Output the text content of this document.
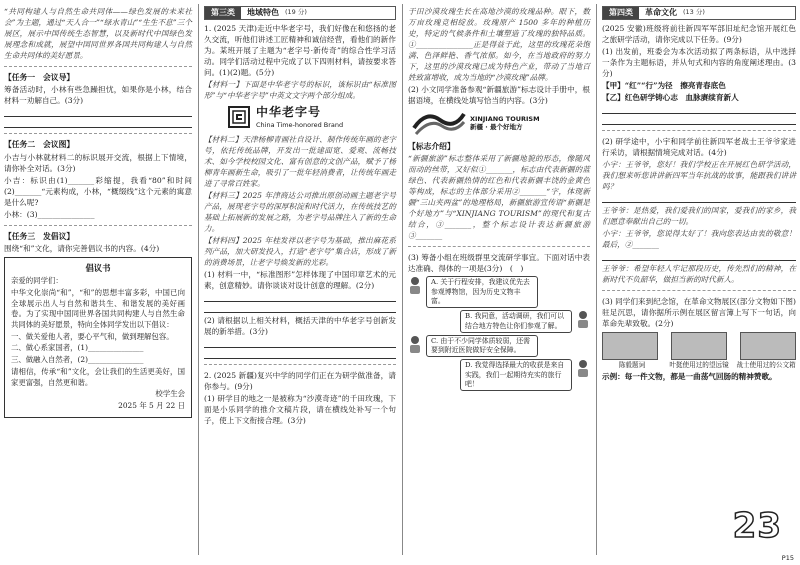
“共同构建人与自然生命共同体——绿色发展的未来社会”为主题，通过“天人合一”“绿水青山”“生生不息”三个展区，展示中国传统生态智慧，以及新时代中国绿色发展理念和成就，展望中国同世界各国共同构建人与自然生命共同体的美好愿景。

【任务一　会议导】

筹备活动时，小林有些急躁担忧，如果你是小林，结合材料一劝解自己。(3分)

【任务二　会议图】

小吉与小林就材料二的标识展开交流，根据上下情境，请你补全对话。(3分)

小吉：标识由(1)_______彩缩提，我看“80”和时间(2)_______“元素构成，小林，“概缀线”这个元素的寓意是什么呢?

小林：(3)_______________

【任务三　发倡议】

围绕“和”文化，请你完善倡议书的内容。(4分)

倡议书

亲爱的同学们：

中华文化崇尚“和”，“和”的思想丰富多彩，中国已向全球展示出人与自然和谐共生、和谐发展的美好画卷。为了实现中国同世界各国共同构建人与自然生命共同体的美好愿景，特向全体同学发出以下倡议：

一、做关爱他人者，要心平气和，做到理解包容。

二、做心系家国者，(1)_______________

三、做融入自然者，(2)_______________

请相信，传承“和”文化，会让我们的生活更美好，国家更富强，自然更和谐。

校学生会

2025 年 5 月 22 日

第三类	地域特色 (19 分)

1. (2025 天津)走近中华老字号，我们好像在和悠扬的老久交流，听他们讲述工匠精神和诚信经营，看他们的新作为。某班开展了主题为“老字号·新传奇”的综合性学习活动。同学们活动过程中完成了以下四则材料，请按要求答问。(1)(2)题。(5分)

【材料一】下面是中华老字号的标识，该标识由“标准图形”与“中华老字号”中英文文字两个部分组成。

中华老字号
China Time-honored Brand

【材料二】天津杨柳青画社自设计、制作传统年画的老字号，依托传统品牌，开发出一批建面宽、爱观、流畅技术、如今学校校园文化、富有创意的文创产品，赋予了杨柳青年画新生命，吸引了一批年轻消费者，让传统年画走进了寻常百姓家。

【材料三】2025 年津商达公司推出原创动画主题老字号产品，展现老字号的深厚积淀和时代活力，在传统技艺的基础上拓展新的发展之路，为老字号品牌注入了新的生命力。

【材料四】2025 年桂发祥以老字号为基础，推出麻花系列产品，加大研发投入，打造“老字号”集合店，形成了新的消费场景，让老字号焕发新的光彩。

(1) 材料一中，“标准图形”怎样体现了中国印章艺术的元素，创意精妙。请你谈谈对设计创意的理解。(2分)

(2) 请根据以上相关材料，概括天津的中华老字号创新发展的新举措。(3分)

2. (2025 新疆)复兴中学的同学们正在为研学做准备，请你参与。(9分)

(1) 研学目的地之一是被称为“沙漠奇迹”的千田玫瑰，下面是小乐同学的推介文稿片段，请在横线处补写一个句子，使上下文衔接合理。(3分)

于田沙漠玫瑰生长在高地沙漠的玫瑰品种。眼下，数万亩玫瑰竞相绽放。玫瑰原产 1500 多年的种植历史，特定的气候条件和土壤塑造了玫瑰的独特品质。①_______________正是得益于此，这里的玫瑰花朵饱满、色泽鲜艳、香气浓郁。如今，在当地政府的努力下，这里的沙漠玫瑰已成为特色产业，带动了当地百姓致富增收，成为当地的“沙漠玫瑰”品牌。

(2) 小文同学准备参观“新疆旅游”标志设计手册中，根据语境，在横线处填写恰当的内容。(3分)

XINJIANG TOURISM
新疆 · 最个好地方
【标志介绍】

“新疆旅游”标志整体采用了新疆地貌的形态，像随风而动的丝带，又好似①_______，标志由代表新疆的蓝绿色、代表新疆热情的红色和代表新疆丰饶的金黄色等构成，标志的主体部分采用②_______“字，体现新疆“三山夹两盆”的地理格局，新疆旅游宣传语“新疆是个好地方”与“XINJIANG TOURISM”的现代和复古结合，③_______，整个标志设计表达新疆旅游③_______

(3) 筹备小组在班级群里交流研学事宜。下面对话中表达准确、得体的一项是(3分)　(　)

A. 关于行程安排，我建议优先去参观博物馆，因为历史文物丰富。
B. 我同意，活动调研，我们可以结合地方特色让你们参观了解。
C. 由于不少同学体质较弱，还需要到附近医院做好安全保障。
D. 我觉得选择最大的收获是来自实践，我们一起期待充实的旅行吧！
第四类	革命文化 (13 分)

(2025 安徽)班级将前往新四军军部旧址纪念馆开展红色之旅研学活动，请你完成以下任务。(9分)

(1) 出发前，班委会为本次活动拟了两条标语，从中选择一条作为主题标语，并从句式和内容的角度阐述理由。(3分)

【甲】“红”“行”为径　擦亮青春底色

【乙】红色研学铸心志　血脉赓续育新人

(2) 研学途中，小宇和同学前往新四军老战士王爷爷家进行采访，请根据情境完成对话。(4分)

小宇：王爷爷，您好！我们学校正在开展红色研学活动，我们想来听您讲讲新四军当年抗战的故事，能跟我们讲讲吗？

王爷爷：是热爱，我们爱我们的国家，爱我们的家乡，我们愿意奉献出自己的一切。

小宇：王爷爷，您说得太好了！我向您表达由衷的敬意！最后，②_______

王爷爷：希望年轻人牢记那段历史，传先烈们的精神，在新时代不负韶华，做担当新的时代新人。

(3) 同学们来到纪念馆，在革命文物展区(部分文物如下图)驻足沉思，请你据所示例在展区留言簿上写下一句话，向革命先辈致敬。(2分)

陈毅题词	叶挺使用过的望远镜 战士使用过的公文箱

示例：每一件文物，都是一曲荡气回肠的精神赞歌。

23
P15
